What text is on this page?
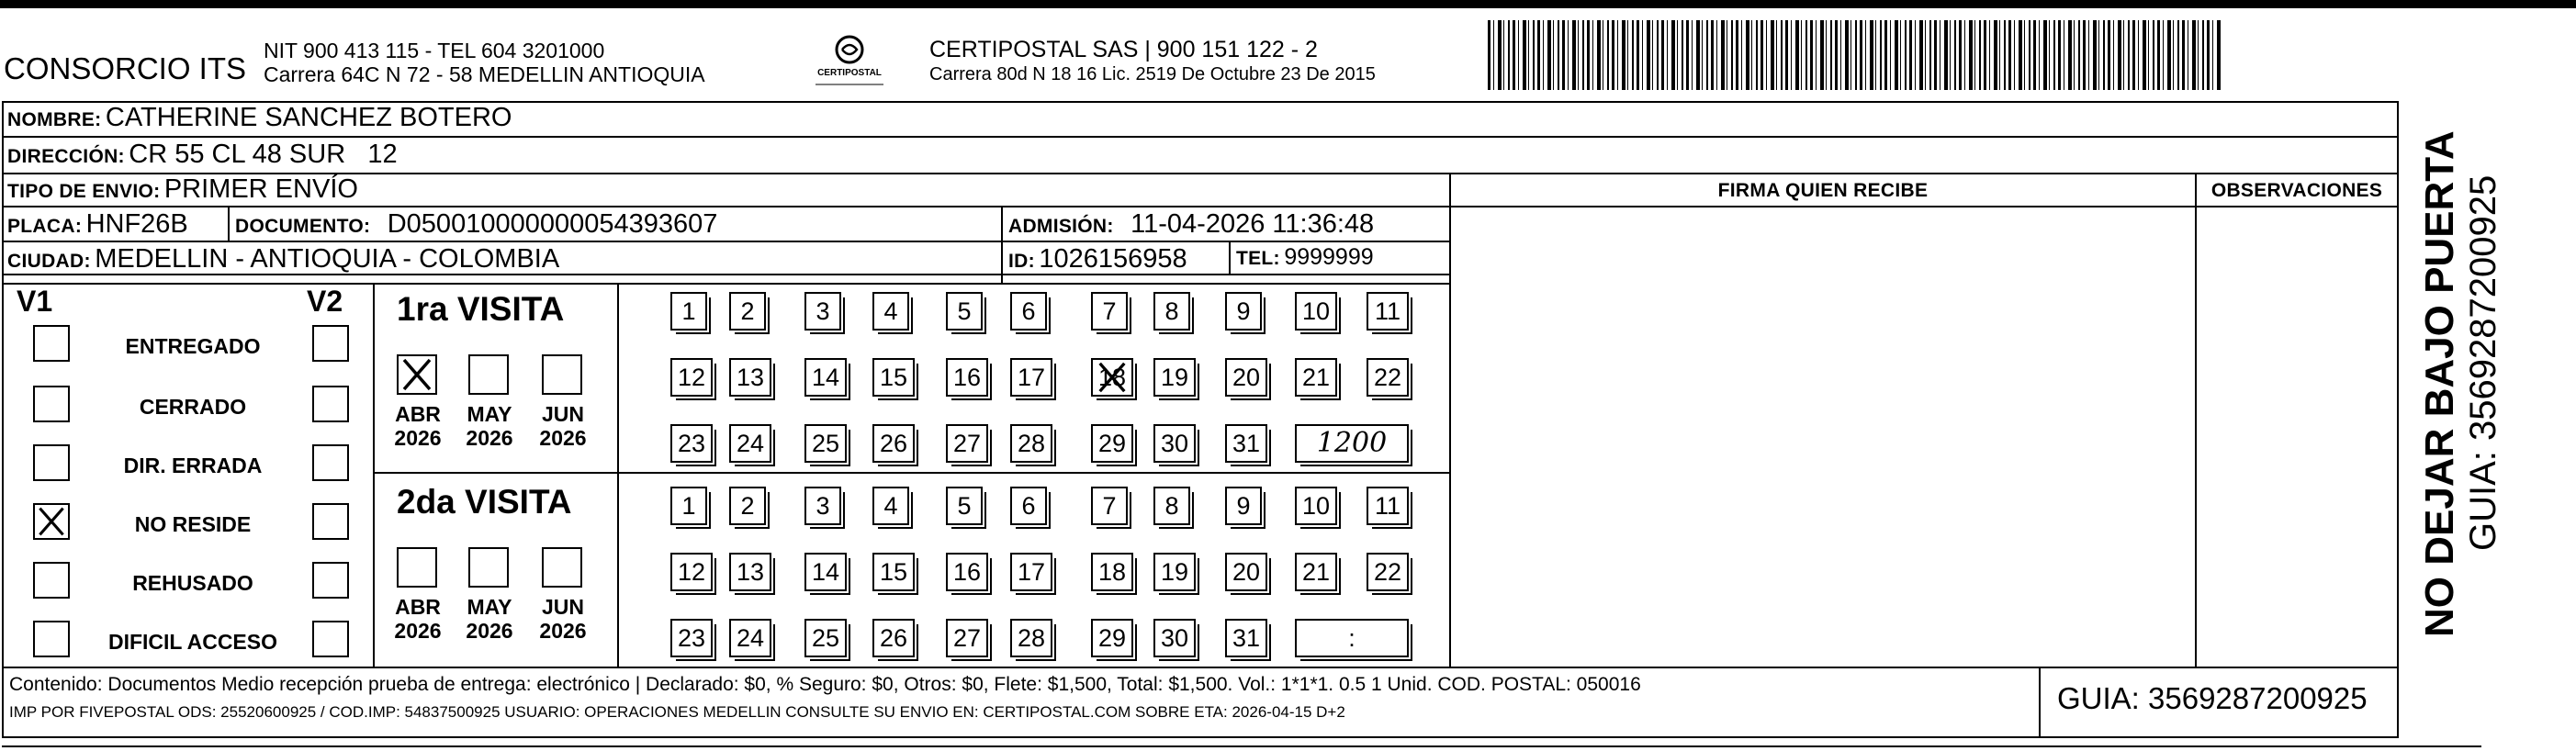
CONSORCIO ITS
NIT 900 413 115 - TEL 604 3201000
Carrera 64C N 72 - 58 MEDELLIN ANTIOQUIA	CERTIPOSTAL
CERTIPOSTAL SAS | 900 151 122 - 2
Carrera 80d N 18 16 Lic. 2519 De Octubre 23 De 2015
NOMBRE: CATHERINE SANCHEZ BOTERO
DIRECCIÓN: CR 55 CL 48 SUR   12
TIPO DE ENVIO: PRIMER ENVÍO	FIRMA QUIEN RECIBE	OBSERVACIONES
PLACA: HNF26B DOCUMENTO: D050010000000054393607	ADMISIÓN: 11-04-2026 11:36:48
CIUDAD: MEDELLIN - ANTIOQUIA - COLOMBIA	ID: 1026156958	TEL: 9999999
V1	V2
ENTREGADO
CERRADO
DIR. ERRADA
NO RESIDE
REHUSADO
DIFICIL ACCESO
1ra VISITA
2da VISITA
ABR
2026
MAY
2026
JUN
2026
ABR
2026
MAY
2026
JUN
2026
1	2	3	4	5	6	7	8	9	10	11
12 13 14 15 16 17 18 19 20 21 22
23 24 25 26 27 28 29 30 31	1200
1	2	3	4	5	6	7	8	9	10	11
12 13 14 15 16 17 18 19 20 21 22
23 24 25 26 27 28 29 30 31	:
Contenido: Documentos Medio recepción prueba de entrega: electrónico | Declarado: $0, % Seguro: $0, Otros: $0, Flete: $1,500, Total: $1,500. Vol.: 1*1*1. 0.5 1 Unid. COD. POSTAL: 050016
IMP POR FIVEPOSTAL ODS: 25520600925 / COD.IMP: 54837500925 USUARIO: OPERACIONES MEDELLIN CONSULTE SU ENVIO EN: CERTIPOSTAL.COM SOBRE ETA: 2026-04-15 D+2	GUIA: 3569287200925
NO DEJAR BAJO PUERTA GUIA: 3569287200925
